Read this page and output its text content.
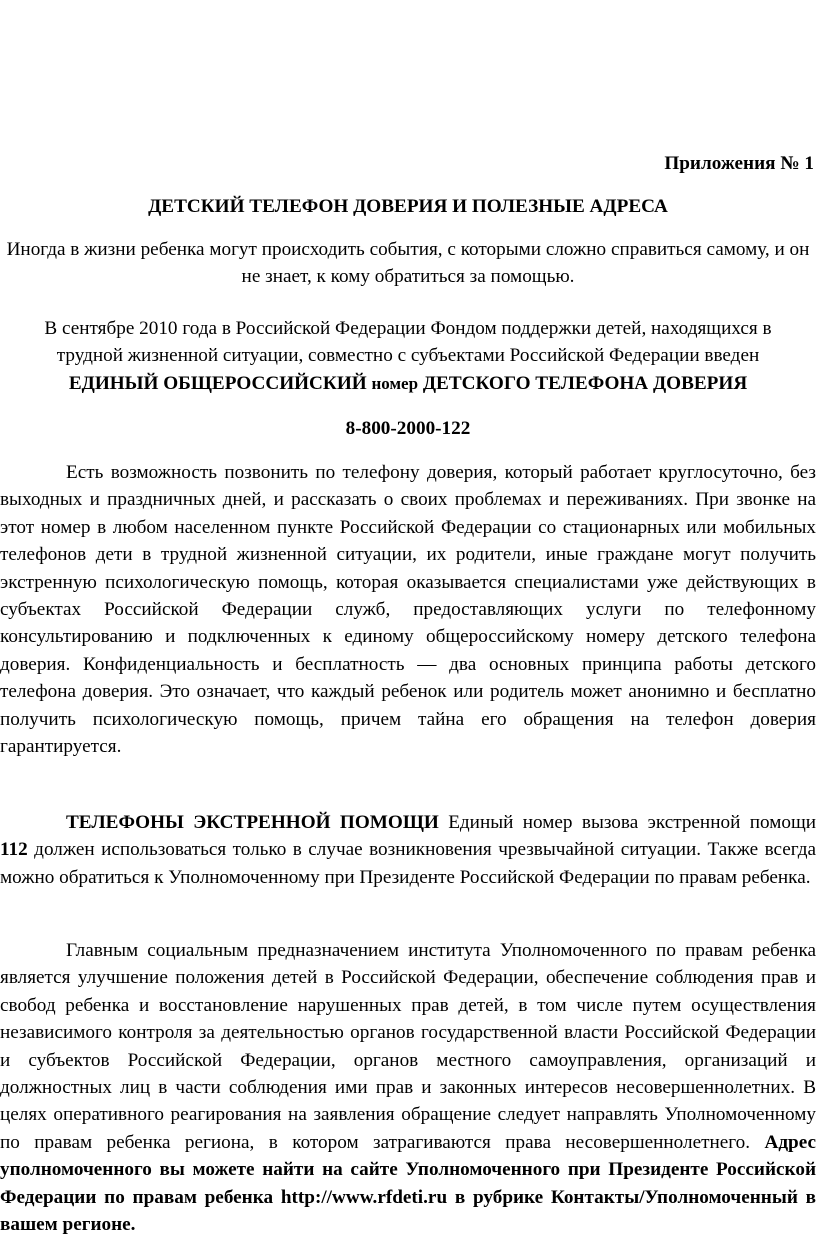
Приложения № 1
ДЕТСКИЙ ТЕЛЕФОН ДОВЕРИЯ И ПОЛЕЗНЫЕ АДРЕСА
Иногда в жизни ребенка могут происходить события, с которыми сложно справиться самому, и он не знает, к кому обратиться за помощью.
В сентябре 2010 года в Российской Федерации Фондом поддержки детей, находящихся в
трудной жизненной ситуации, совместно с субъектами Российской Федерации введен
ЕДИНЫЙ ОБЩЕРОССИЙСКИЙ номер ДЕТСКОГО ТЕЛЕФОНА ДОВЕРИЯ
8-800-2000-122
Есть возможность позвонить по телефону доверия, который работает круглосуточно, без выходных и праздничных дней, и рассказать о своих проблемах и переживаниях. При звонке на этот номер в любом населенном пункте Российской Федерации со стационарных или мобильных телефонов дети в трудной жизненной ситуации, их родители, иные граждане могут получить экстренную психологическую помощь, которая оказывается специалистами уже действующих в субъектах Российской Федерации служб, предоставляющих услуги по телефонному консультированию и подключенных к единому общероссийскому номеру детского телефона доверия. Конфиденциальность и бесплатность — два основных принципа работы детского телефона доверия. Это означает, что каждый ребенок или родитель может анонимно и бесплатно получить психологическую помощь, причем тайна его обращения на телефон доверия гарантируется.
ТЕЛЕФОНЫ ЭКСТРЕННОЙ ПОМОЩИ Единый номер вызова экстренной помощи 112 должен использоваться только в случае возникновения чрезвычайной ситуации. Также всегда можно обратиться к Уполномоченному при Президенте Российской Федерации по правам ребенка.
Главным социальным предназначением института Уполномоченного по правам ребенка является улучшение положения детей в Российской Федерации, обеспечение соблюдения прав и свобод ребенка и восстановление нарушенных прав детей, в том числе путем осуществления независимого контроля за деятельностью органов государственной власти Российской Федерации и субъектов Российской Федерации, органов местного самоуправления, организаций и должностных лиц в части соблюдения ими прав и законных интересов несовершеннолетних. В целях оперативного реагирования на заявления обращение следует направлять Уполномоченному по правам ребенка региона, в котором затрагиваются права несовершеннолетнего. Адрес уполномоченного вы можете найти на сайте Уполномоченного при Президенте Российской Федерации по правам ребенка http://www.rfdeti.ru в рубрике Контакты/Уполномоченный в вашем регионе.
